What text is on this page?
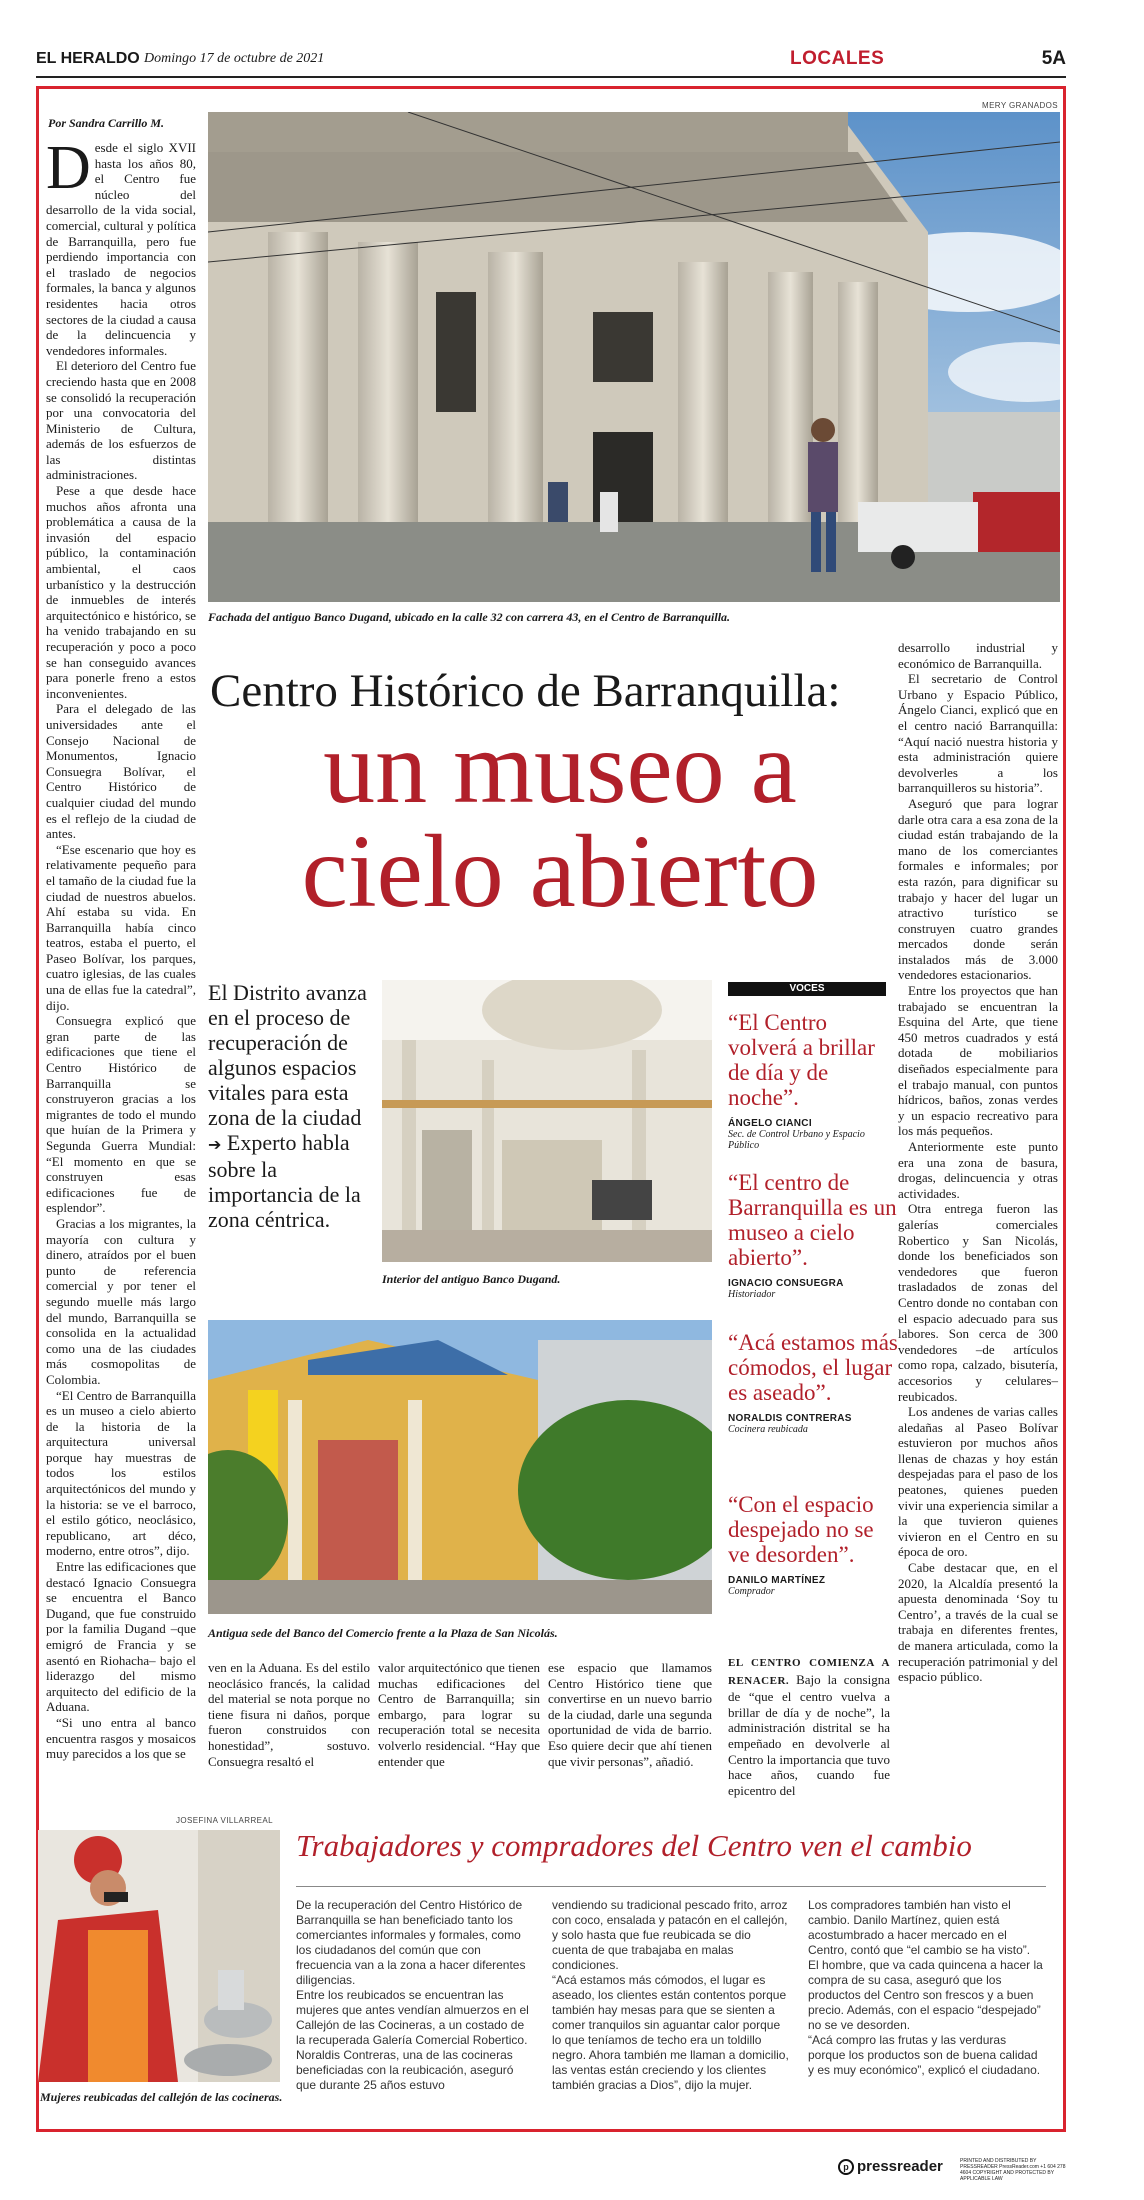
EL HERALDO Domingo 17 de octubre de 2021	LOCALES	5A
Por Sandra Carrillo M.

Desde el siglo XVII hasta los años 80, el Centro fue núcleo del desarrollo de la vida social, comercial, cultural y política de Barranquilla, pero fue perdiendo importancia con el traslado de negocios formales, la banca y algunos residentes hacia otros sectores de la ciudad a causa de la delincuencia y vendedores informales.

El deterioro del Centro fue creciendo hasta que en 2008 se consolidó la recuperación por una convocatoria del Ministerio de Cultura, además de los esfuerzos de las distintas administraciones.

Pese a que desde hace muchos años afronta una problemática a causa de la invasión del espacio público, la contaminación ambiental, el caos urbanístico y la destrucción de inmuebles de interés arquitectónico e histórico, se ha venido trabajando en su recuperación y poco a poco se han conseguido avances para ponerle freno a estos inconvenientes.

Para el delegado de las universidades ante el Consejo Nacional de Monumentos, Ignacio Consuegra Bolívar, el Centro Histórico de cualquier ciudad del mundo es el reflejo de la ciudad de antes.

“Ese escenario que hoy es relativamente pequeño para el tamaño de la ciudad fue la ciudad de nuestros abuelos. Ahí estaba su vida. En Barranquilla había cinco teatros, estaba el puerto, el Paseo Bolívar, los parques, cuatro iglesias, de las cuales una de ellas fue la catedral”, dijo.

Consuegra explicó que gran parte de las edificaciones que tiene el Centro Histórico de Barranquilla se construyeron gracias a los migrantes de todo el mundo que huían de la Primera y Segunda Guerra Mundial: “El momento en que se construyen esas edificaciones fue de esplendor”.

Gracias a los migrantes, la mayoría con cultura y dinero, atraídos por el buen punto de referencia comercial y por tener el segundo muelle más largo del mundo, Barranquilla se consolida en la actualidad como una de las ciudades más cosmopolitas de Colombia.

“El Centro de Barranquilla es un museo a cielo abierto de la historia de la arquitectura universal porque hay muestras de todos los estilos arquitectónicos del mundo y la historia: se ve el barroco, el estilo gótico, neoclásico, republicano, art déco, moderno, entre otros”, dijo.

Entre las edificaciones que destacó Ignacio Consuegra se encuentra el Banco Dugand, que fue construido por la familia Dugand –que emigró de Francia y se asentó en Riohacha– bajo el liderazgo del mismo arquitecto del edificio de la Aduana.

“Si uno entra al banco encuentra rasgos y mosaicos muy parecidos a los que se

MERY GRANADOS
Fachada del antiguo Banco Dugand, ubicado en la calle 32 con carrera 43, en el Centro de Barranquilla.
Centro Histórico de Barranquilla:
un museo a
cielo abierto
El Distrito avanza en el proceso de recuperación de algunos espacios vitales para esta zona de la ciudad
➔ Experto habla sobre la importancia de la zona céntrica.
Interior del antiguo Banco Dugand.
Antigua sede del Banco del Comercio frente a la Plaza de San Nicolás.
VOCES
“El Centro volverá a brillar de día y de noche”.
ÁNGELO CIANCI
Sec. de Control Urbano y Espacio Público
“El centro de Barranquilla es un museo a cielo abierto”.
IGNACIO CONSUEGRA
Historiador
“Acá estamos más cómodos, el lugar es aseado”.
NORALDIS CONTRERAS
Cocinera reubicada
“Con el espacio despejado no se ve desorden”.
DANILO MARTÍNEZ
Comprador
ven en la Aduana. Es del estilo neoclásico francés, la calidad del material se nota porque no tiene fisura ni daños, porque fueron construidos con honestidad”, sostuvo. Consuegra resaltó el
valor arquitectónico que tienen muchas edificaciones del Centro de Barranquilla; sin embargo, para lograr su recuperación total se necesita volverlo residencial. “Hay que entender que
ese espacio que llamamos Centro Histórico tiene que convertirse en un nuevo barrio de la ciudad, darle una segunda oportunidad de vida de barrio. Eso quiere decir que ahí tienen que vivir personas”, añadió.
EL CENTRO COMIENZA A RENACER. Bajo la consigna de “que el centro vuelva a brillar de día y de noche”, la administración distrital se ha empeñado en devolverle al Centro la importancia que tuvo hace años, cuando fue epicentro del

desarrollo industrial y económico de Barranquilla.

El secretario de Control Urbano y Espacio Público, Ángelo Cianci, explicó que en el centro nació Barranquilla: “Aquí nació nuestra historia y esta administración quiere devolverles a los barranquilleros su historia”.

Aseguró que para lograr darle otra cara a esa zona de la ciudad están trabajando de la mano de los comerciantes formales e informales; por esta razón, para dignificar su trabajo y hacer del lugar un atractivo turístico se construyen cuatro grandes mercados donde serán instalados más de 3.000 vendedores estacionarios.

Entre los proyectos que han trabajado se encuentran la Esquina del Arte, que tiene 450 metros cuadrados y está dotada de mobiliarios diseñados especialmente para el trabajo manual, con puntos hídricos, baños, zonas verdes y un espacio recreativo para los más pequeños.

Anteriormente este punto era una zona de basura, drogas, delincuencia y otras actividades.

Otra entrega fueron las galerías comerciales Robertico y San Nicolás, donde los beneficiados son vendedores que fueron trasladados de zonas del Centro donde no contaban con el espacio adecuado para sus labores. Son cerca de 300 vendedores –de artículos como ropa, calzado, bisutería, accesorios y celulares– reubicados.

Los andenes de varias calles aledañas al Paseo Bolívar estuvieron por muchos años llenas de chazas y hoy están despejadas para el paso de los peatones, quienes pueden vivir una experiencia similar a la que tuvieron quienes vivieron en el Centro en su época de oro.

Cabe destacar que, en el 2020, la Alcaldía presentó la apuesta denominada ‘Soy tu Centro’, a través de la cual se trabaja en diferentes frentes, de manera articulada, como la recuperación patrimonial y del espacio público.

JOSEFINA VILLARREAL
Mujeres reubicadas del callejón de las cocineras.
Trabajadores y compradores del Centro ven el cambio
De la recuperación del Centro Histórico de Barranquilla se han beneficiado tanto los comerciantes informales y formales, como los ciudadanos del común que con frecuencia van a la zona a hacer diferentes diligencias.
Entre los reubicados se encuentran las mujeres que antes vendían almuerzos en el Callejón de las Cocineras, a un costado de la recuperada Galería Comercial Robertico.
Noraldis Contreras, una de las cocineras beneficiadas con la reubicación, aseguró que durante 25 años estuvo
vendiendo su tradicional pescado frito, arroz con coco, ensalada y patacón en el callejón, y solo hasta que fue reubicada se dio cuenta de que trabajaba en malas condiciones.
“Acá estamos más cómodos, el lugar es aseado, los clientes están contentos porque también hay mesas para que se sienten a comer tranquilos sin aguantar calor porque lo que teníamos de techo era un toldillo negro. Ahora también me llaman a domicilio, las ventas están creciendo y los clientes también gracias a Dios”, dijo la mujer.
Los compradores también han visto el cambio. Danilo Martínez, quien está acostumbrado a hacer mercado en el Centro, contó que “el cambio se ha visto”.
El hombre, que va cada quincena a hacer la compra de su casa, aseguró que los productos del Centro son frescos y a buen precio. Además, con el espacio “despejado” no se ve desorden.
“Acá compro las frutas y las verduras porque los productos son de buena calidad y es muy económico”, explicó el ciudadano.
p pressreader	PRINTED AND DISTRIBUTED BY PRESSREADER PressReader.com +1 604 278 4604 COPYRIGHT AND PROTECTED BY APPLICABLE LAW
